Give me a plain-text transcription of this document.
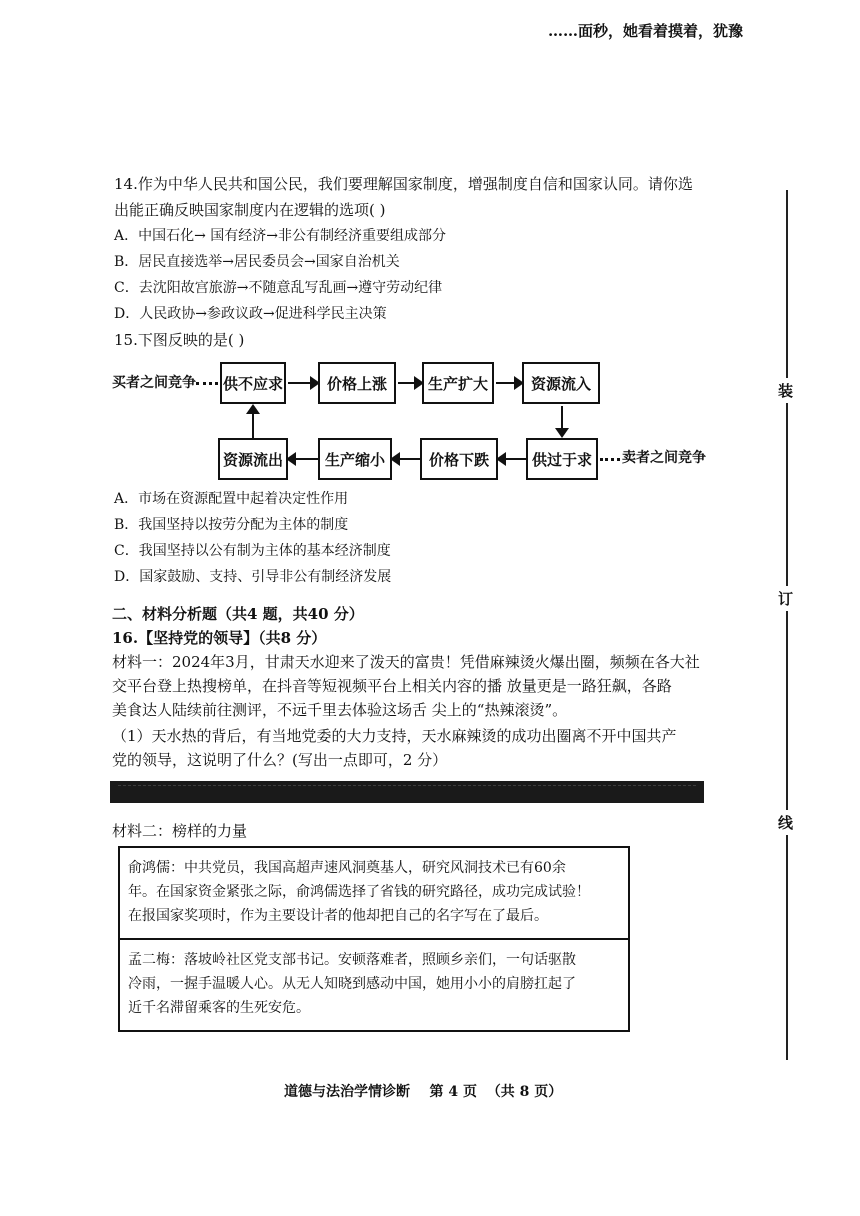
……面秒，她看着摸着，犹豫
装
订
线
14.作为中华人民共和国公民，我们要理解国家制度，增强制度自信和国家认同。请你选
出能正确反映国家制度内在逻辑的选项( )
A．中国石化→ 国有经济→非公有制经济重要组成部分
B．居民直接选举→居民委员会→国家自治机关
C．去沈阳故宫旅游→不随意乱写乱画→遵守劳动纪律
D．人民政协→参政议政→促进科学民主决策
15.下图反映的是( )
买者之间竞争 供不应求	价格上涨	生产扩大	资源流入
供过于求	卖者之间竞争
价格下跌
生产缩小
资源流出
A．市场在资源配置中起着决定性作用
B．我国坚持以按劳分配为主体的制度
C．我国坚持以公有制为主体的基本经济制度
D．国家鼓励、支持、引导非公有制经济发展
二、材料分析题（共4 题，共40 分）
16.【坚持党的领导】（共8 分）
材料一：2024年3月，甘肃天水迎来了泼天的富贵！凭借麻辣烫火爆出圈，频频在各大社
交平台登上热搜榜单，在抖音等短视频平台上相关内容的播 放量更是一路狂飙，各路
美食达人陆续前往测评，不远千里去体验这场舌 尖上的“热辣滚烫”。
（1）天水热的背后，有当地党委的大力支持，天水麻辣烫的成功出圈离不开中国共产
党的领导，这说明了什么？(写出一点即可，2 分）
材料二：榜样的力量
俞鸿儒：中共党员，我国高超声速风洞奠基人，研究风洞技术已有60余
年。在国家资金紧张之际，俞鸿儒选择了省钱的研究路径，成功完成试验！
在报国家奖项时，作为主要设计者的他却把自己的名字写在了最后。
孟二梅：落坡岭社区党支部书记。安顿落难者，照顾乡亲们，一句话驱散
冷雨，一握手温暖人心。从无人知晓到感动中国，她用小小的肩膀扛起了
近千名滞留乘客的生死安危。
道德与法治学情诊断    第 4 页  （共 8 页）
